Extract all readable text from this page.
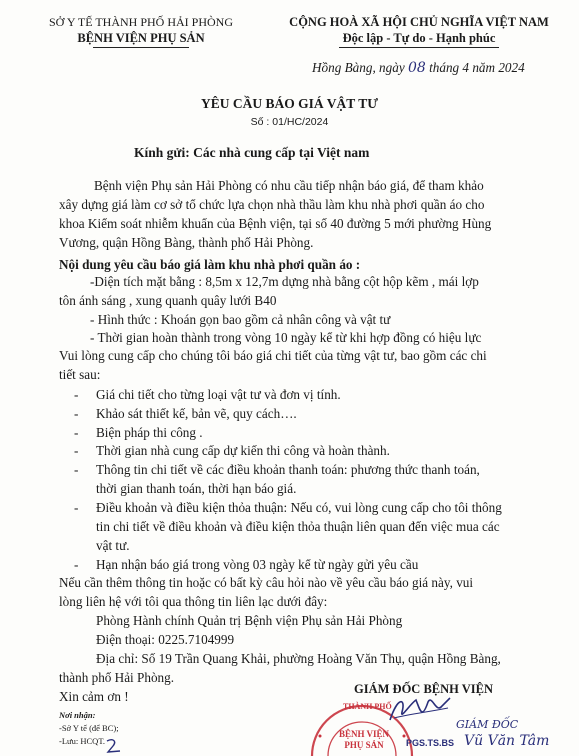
SỞ Y TẾ THÀNH PHỐ HẢI PHÒNG
BỆNH VIỆN PHỤ SẢN
CỘNG HOÀ XÃ HỘI CHỦ NGHĨA VIỆT NAM
Độc lập - Tự do - Hạnh phúc
Hồng Bàng, ngày 08 tháng 4 năm 2024
YÊU CẦU BÁO GIÁ VẬT TƯ
Số : 01/HC/2024
Kính gửi: Các nhà cung cấp tại Việt nam
Bệnh viện Phụ sản Hải Phòng có nhu cầu tiếp nhận báo giá, để tham khảo
xây dựng giá làm cơ sở tổ chức lựa chọn nhà thầu làm khu nhà phơi quần áo cho
khoa Kiểm soát nhiễm khuẩn của Bệnh viện, tại số 40 đường 5 mới phường Hùng
Vương, quận Hồng Bàng, thành phố Hải Phòng.
Nội dung yêu cầu báo giá làm khu nhà phơi quần áo :
-Diện tích mặt bằng : 8,5m x 12,7m dựng nhà bằng cột hộp kẽm , mái lợp
tôn ánh sáng , xung quanh quây lưới B40
- Hình thức : Khoán gọn bao gồm cả nhân công và vật tư
- Thời gian hoàn thành trong vòng 10 ngày kể từ khi hợp đồng có hiệu lực
Vui lòng cung cấp cho chúng tôi báo giá chi tiết của từng vật tư, bao gồm các chi
tiết sau:
- Giá chi tiết cho từng loại vật tư và đơn vị tính.
- Khảo sát thiết kế, bản vẽ, quy cách….
- Biện pháp thi công .
- Thời gian nhà cung cấp dự kiến thi công và hoàn thành.
- Thông tin chi tiết về các điều khoản thanh toán: phương thức thanh toán,
thời gian thanh toán, thời hạn báo giá.
- Điều khoản và điều kiện thỏa thuận: Nếu có, vui lòng cung cấp cho tôi thông
tin chi tiết về điều khoản và điều kiện thỏa thuận liên quan đến việc mua các
vật tư.
- Hạn nhận báo giá trong vòng 03 ngày kể từ ngày gửi yêu cầu
Nếu cần thêm thông tin hoặc có bất kỳ câu hỏi nào về yêu cầu báo giá này, vui
lòng liên hệ với tôi qua thông tin liên lạc dưới đây:
Phòng Hành chính Quản trị Bệnh viện Phụ sản Hải Phòng
Điện thoại: 0225.7104999
Địa chỉ: Số 19 Trần Quang Khải, phường Hoàng Văn Thụ, quận Hồng Bàng,
thành phố Hải Phòng.
Xin cảm ơn !
Nơi nhận:
-Sở Y tế (để BC);
-Lưu: HCQT.
GIÁM ĐỐC BỆNH VIỆN
THÀNH PHỐ
BỆNH VIỆN
PHỤ SẢN
GIÁM ĐỐC
PGS.TS.BS Vũ Văn Tâm
